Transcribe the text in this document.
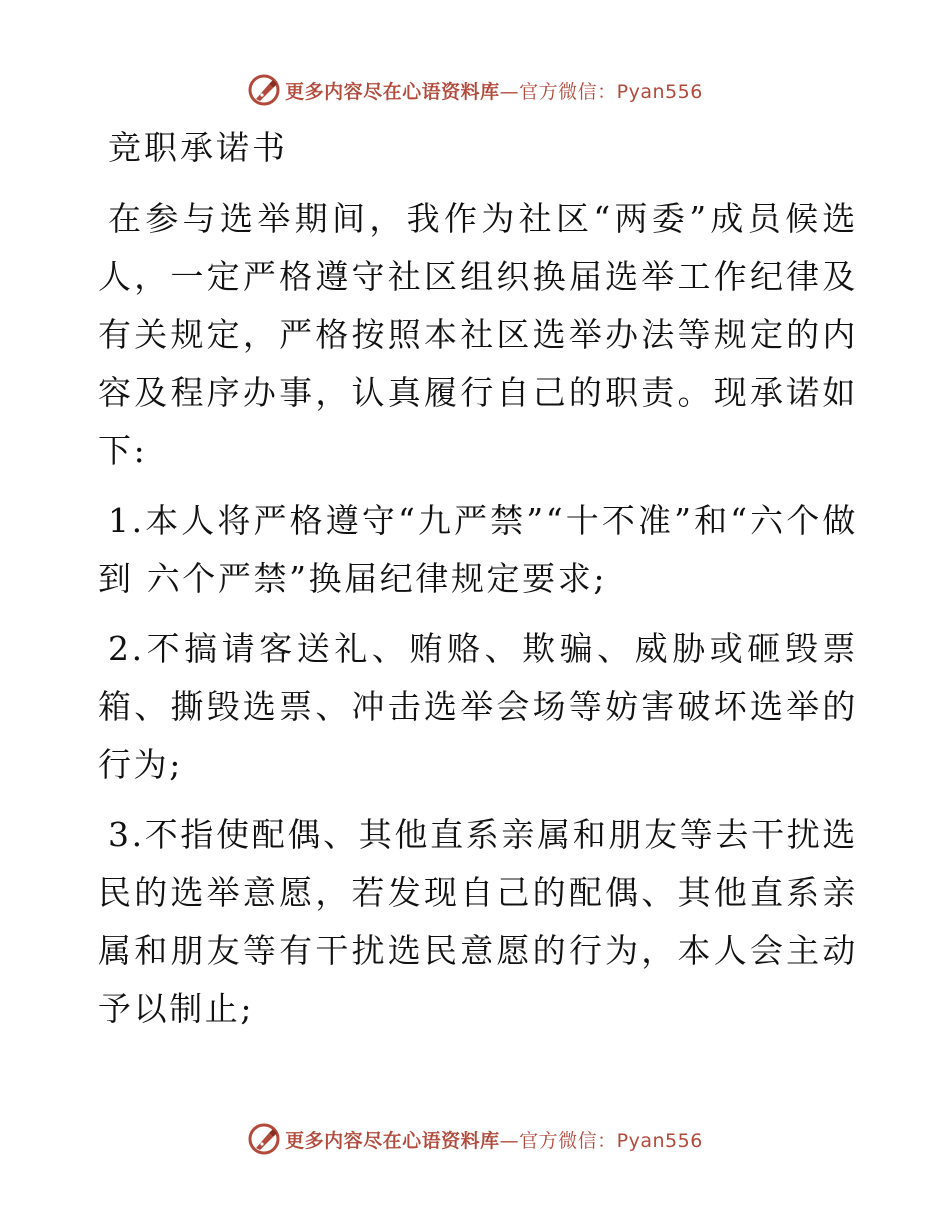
更多内容尽在心语资料库—官方微信：Pyan556
竞职承诺书

在参与选举期间，我作为社区“两委”成员候选人，一定严格遵守社区组织换届选举工作纪律及有关规定，严格按照本社区选举办法等规定的内容及程序办事，认真履行自己的职责。现承诺如下:

1.本人将严格遵守“九严禁”“十不准”和“六个做到 六个严禁”换届纪律规定要求;

2.不搞请客送礼、贿赂、欺骗、威胁或砸毁票箱、撕毁选票、冲击选举会场等妨害破坏选举的行为;

3.不指使配偶、其他直系亲属和朋友等去干扰选民的选举意愿，若发现自己的配偶、其他直系亲属和朋友等有干扰选民意愿的行为，本人会主动予以制止;

更多内容尽在心语资料库—官方微信：Pyan556
